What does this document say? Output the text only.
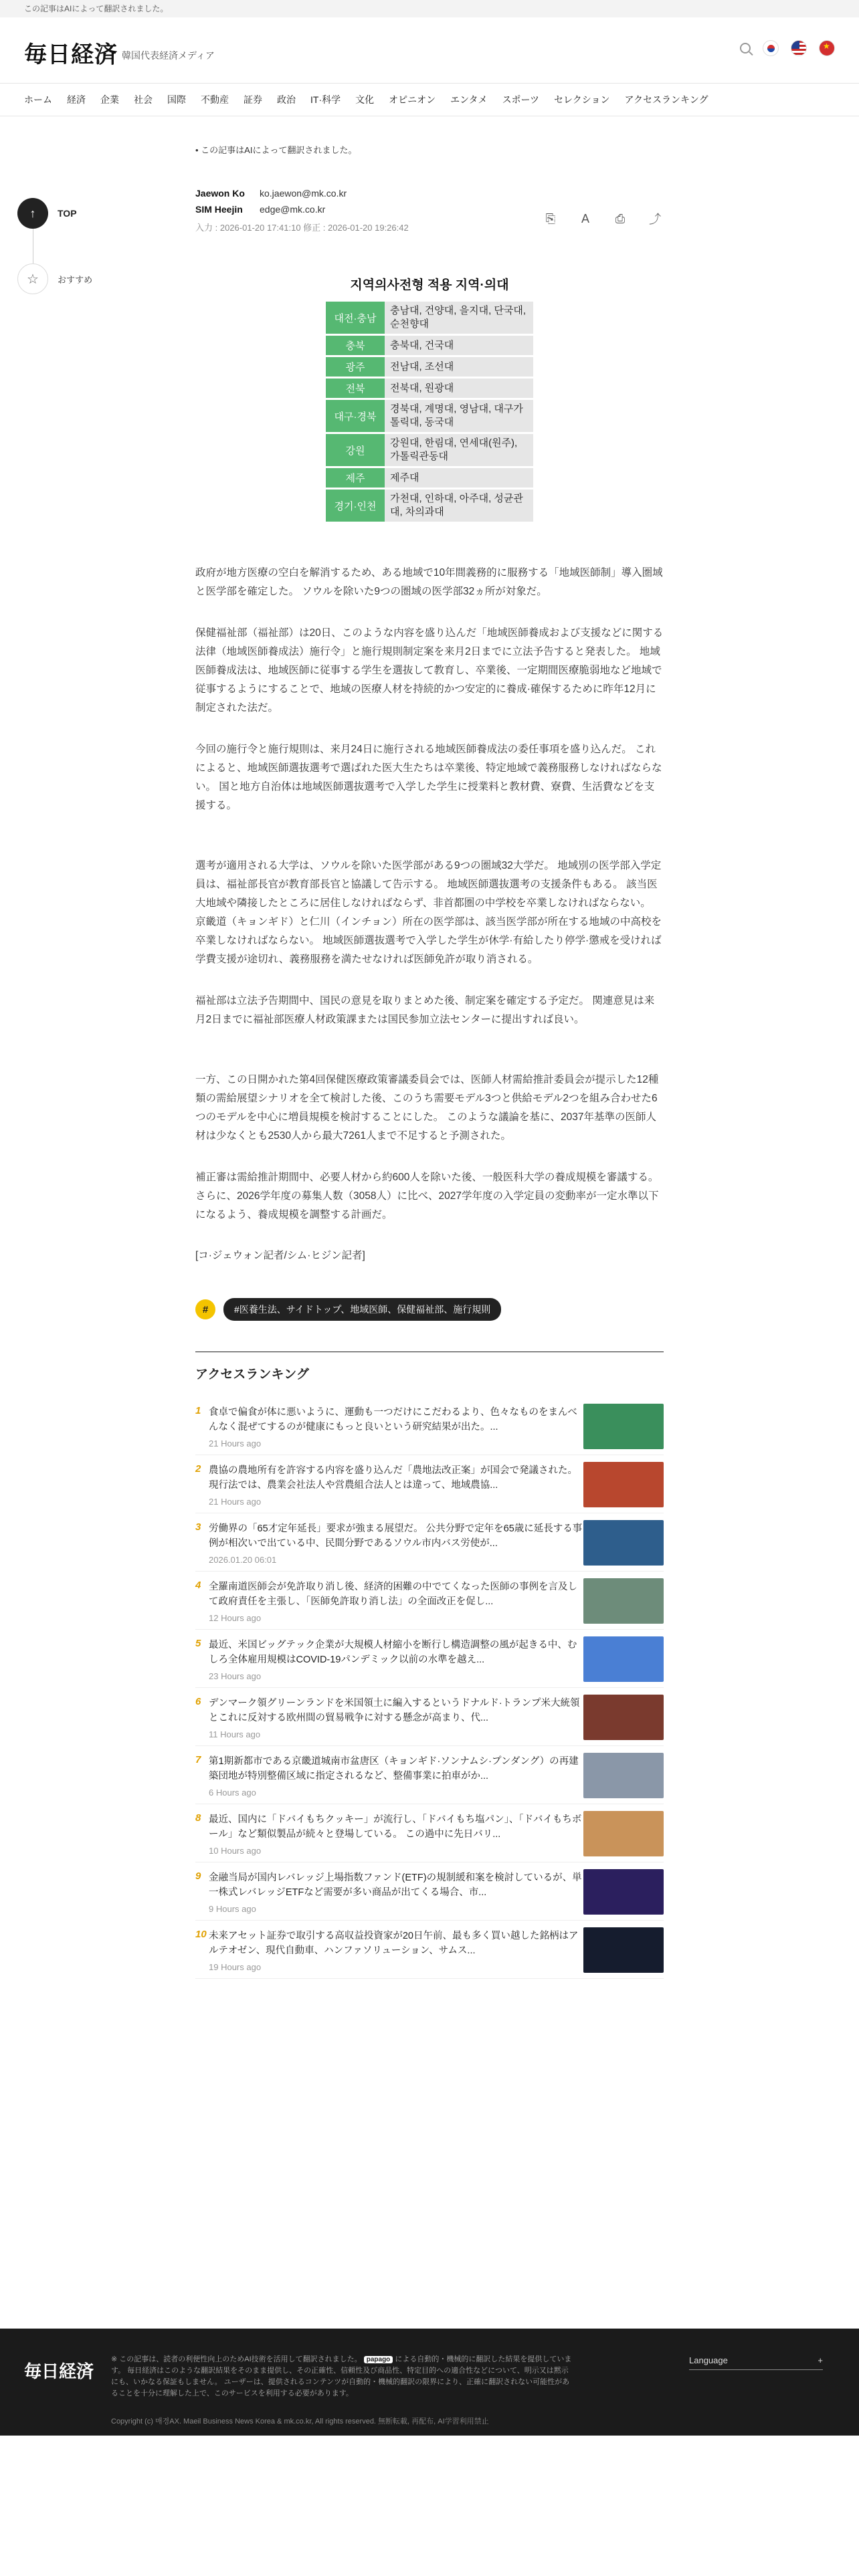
この記事はAIによって翻訳されました。
毎日経済 韓国代表経済メディア
★
ホーム 経済 企業 社会 国際 不動産 証券 政治 IT·科学 文化 オピニオン エンタメ スポーツ セレクション アクセスランキング
↑	TOP
☆	おすすめ
• この記事はAIによって翻訳されました。
Jaewon Ko ko.jaewon@mk.co.kr
SIM Heejin edge@mk.co.kr
入力 : 2026-01-20 17:41:10 修正 : 2026-01-20 19:26:42
⎘	A	⎙	⤴
지역의사전형 적용 지역·의대
대전·충남	충남대, 건양대, 을지대, 단국대, 순천향대
충북	충북대, 건국대
광주	전남대, 조선대
전북	전북대, 원광대
대구·경북	경북대, 계명대, 영남대, 대구가톨릭대, 동국대
강원	강원대, 한림대, 연세대(원주), 가톨릭관동대
제주	제주대
경기·인천	가천대, 인하대, 아주대, 성균관대, 차의과대

政府が地方医療の空白を解消するため、ある地域で10年間義務的に服務する「地域医師制」導入圏域と医学部を確定した。 ソウルを除いた9つの圏域の医学部32ヵ所が対象だ。

保健福祉部（福祉部）は20日、このような内容を盛り込んだ「地域医師養成および支援などに関する法律（地域医師養成法）施行令」と施行規則制定案を来月2日までに立法予告すると発表した。 地域医師養成法は、地域医師に従事する学生を選抜して教育し、卒業後、一定期間医療脆弱地など地域で従事するようにすることで、地域の医療人材を持続的かつ安定的に養成·確保するために昨年12月に制定された法だ。

今回の施行令と施行規則は、来月24日に施行される地域医師養成法の委任事項を盛り込んだ。 これによると、地域医師選抜選考で選ばれた医大生たちは卒業後、特定地域で義務服務しなければならない。 国と地方自治体は地域医師選抜選考で入学した学生に授業料と教材費、寮費、生活費などを支援する。

選考が適用される大学は、ソウルを除いた医学部がある9つの圏域32大学だ。 地域別の医学部入学定員は、福祉部長官が教育部長官と協議して告示する。 地域医師選抜選考の支援条件もある。 該当医大地域や隣接したところに居住しなければならず、非首都圏の中学校を卒業しなければならない。 京畿道（キョンギド）と仁川（インチョン）所在の医学部は、該当医学部が所在する地域の中高校を卒業しなければならない。 地域医師選抜選考で入学した学生が休学·有給したり停学·懲戒を受ければ学費支援が途切れ、義務服務を満たせなければ医師免許が取り消される。

福祉部は立法予告期間中、国民の意見を取りまとめた後、制定案を確定する予定だ。 関連意見は来月2日までに福祉部医療人材政策課または国民参加立法センターに提出すれば良い。

一方、この日開かれた第4回保健医療政策審議委員会では、医師人材需給推計委員会が提示した12種類の需給展望シナリオを全て検討した後、このうち需要モデル3つと供給モデル2つを組み合わせた6つのモデルを中心に増員規模を検討することにした。 このような議論を基に、2037年基準の医師人材は少なくとも2530人から最大7261人まで不足すると予測された。

補正審は需給推計期間中、必要人材から約600人を除いた後、一般医科大学の養成規模を審議する。 さらに、2026学年度の募集人数（3058人）に比べ、2027学年度の入学定員の変動率が一定水準以下になるよう、養成規模を調整する計画だ。

[コ·ジェウォン記者/シム·ヒジン記者]
#	#医養生法、サイドトップ、地域医師、保健福祉部、施行規則
アクセスランキング
1 食卓で偏食が体に悪いように、運動も一つだけにこだわるより、色々なものをまんべんなく混ぜてするのが健康にもっと良いという研究結果が出た。...
21 Hours ago
2 農協の農地所有を許容する内容を盛り込んだ「農地法改正案」が国会で発議された。 現行法では、農業会社法人や営農組合法人とは違って、地域農協...
21 Hours ago
3 労働界の「65才定年延長」要求が強まる展望だ。 公共分野で定年を65歳に延長する事例が相次いで出ている中、民間分野であるソウル市内バス労使が...
2026.01.20 06:01
4 全羅南道医師会が免許取り消し後、経済的困難の中でてくなった医師の事例を言及して政府責任を主張し、「医師免許取り消し法」の全面改正を促し...
12 Hours ago
5 最近、米国ビッグテック企業が大規模人材縮小を断行し構造調整の風が起きる中、むしろ全体雇用規模はCOVID-19パンデミック以前の水準を越え...
23 Hours ago
6 デンマーク領グリーンランドを米国領土に編入するというドナルド·トランプ米大統領とこれに反対する欧州間の貿易戦争に対する懸念が高まり、代...
11 Hours ago
7 第1期新都市である京畿道城南市盆唐区（キョンギド·ソンナムシ·プンダング）の再建築団地が特別整備区域に指定されるなど、整備事業に拍車がか...
6 Hours ago
8 最近、国内に「ドバイもちクッキー」が流行し、「ドバイもち塩パン」、「ドバイもちボール」など類似製品が続々と登場している。 この過中に先日バリ...
10 Hours ago
9 金融当局が国内レバレッジ上場指数ファンド(ETF)の規制緩和案を検討しているが、単一株式レバレッジETFなど需要が多い商品が出てくる場合、市...
9 Hours ago
10 未来アセット証券で取引する高収益投資家が20日午前、最も多く買い越した銘柄はアルテオゼン、現代自動車、ハンファソリューション、サムス...
19 Hours ago
毎日経済
※ この記事は、読者の利便性向上のためAI技術を活用して翻訳されました。 papago による自動的・機械的に翻訳した結果を提供しています。 毎日経済はこのような翻訳結果をそのまま提供し、その正確性、信頼性及び商品性、特定目的への適合性などについて、明示又は黙示にも、いかなる保証もしません。 ユーザーは、提供されるコンテンツが自動的・機械的翻訳の限界により、正確に翻訳されない可能性があることを十分に理解した上で、このサービスを利用する必要があります。
Copyright (c) 매경AX. Maeil Business News Korea & mk.co.kr, All rights reserved. 無断転載, 再配布, AI学習利用禁止
Language	+
